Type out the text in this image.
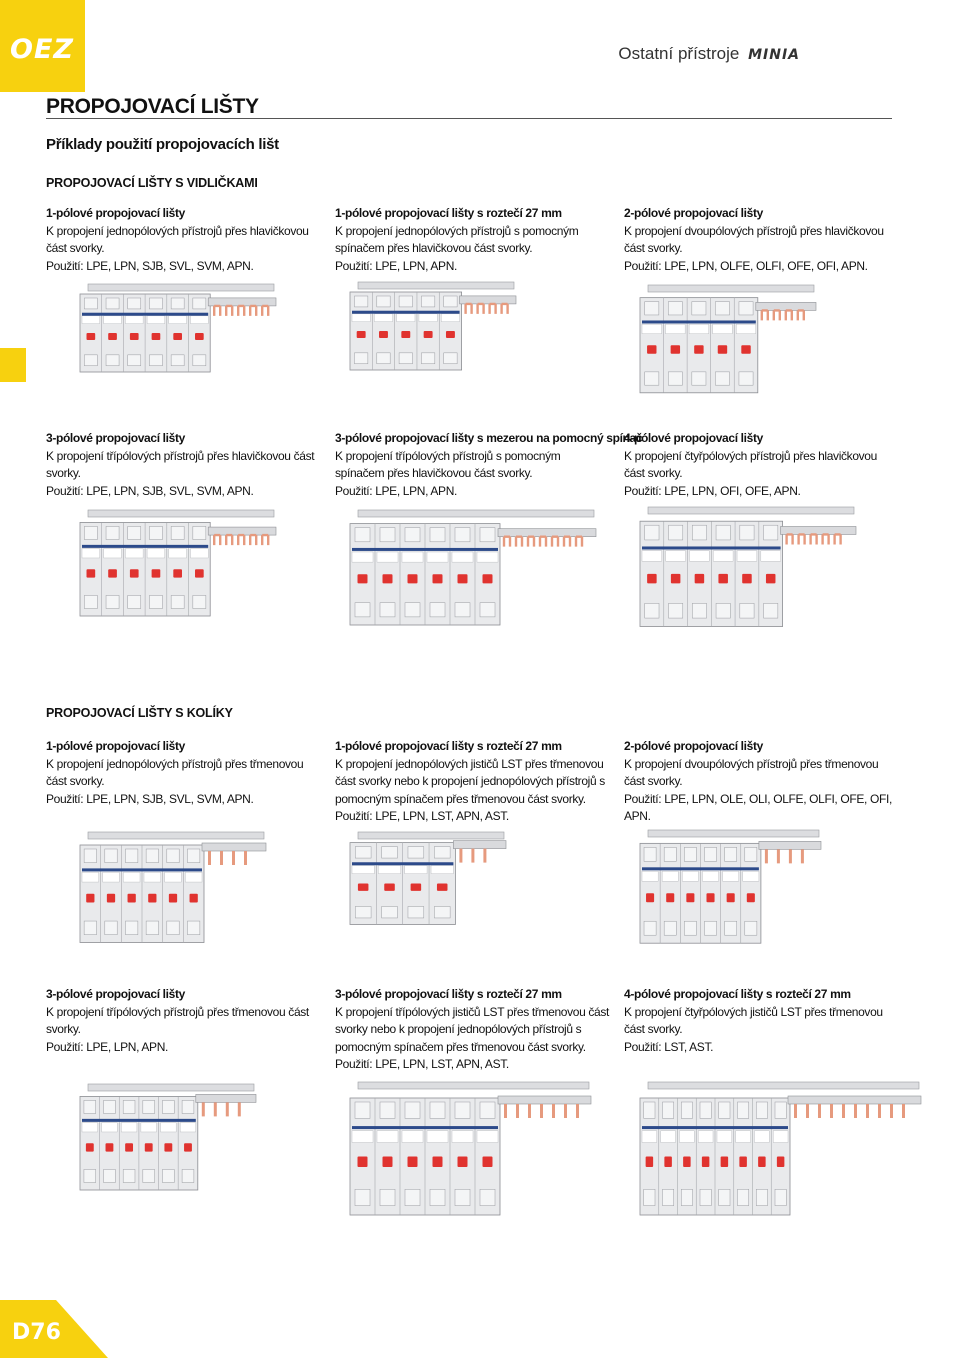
OEZ	Ostatní přístroje MINIA
PROPOJOVACÍ LIŠTY
Příklady použití propojovacích lišt
PROPOJOVACÍ LIŠTY S VIDLIČKAMI
1-pólové propojovací lišty
K propojení jednopólových přístrojů přes hlavičkovou část svorky.
Použití: LPE, LPN, SJB, SVL, SVM, APN.
1-pólové propojovací lišty s roztečí 27 mm
K propojení jednopólových přístrojů s pomocným spínačem přes hlavičkovou část svorky.
Použití: LPE, LPN, APN.
2-pólové propojovací lišty
K propojení dvoupólových přístrojů přes hlavičkovou část svorky.
Použití: LPE, LPN, OLFE, OLFI, OFE, OFI, APN.
3-pólové propojovací lišty
K propojení třípólových přístrojů přes hlavičkovou část svorky.
Použití: LPE, LPN, SJB, SVL, SVM, APN.
3-pólové propojovací lišty s mezerou na pomocný spínač
K propojení třípólových přístrojů s pomocným spínačem přes hlavičkovou část svorky.
Použití: LPE, LPN, APN.
4-pólové propojovací lišty
K propojení čtyřpólových přístrojů přes hlavičkovou část svorky.
Použití: LPE, LPN, OFI, OFE, APN.
PROPOJOVACÍ LIŠTY S KOLÍKY
1-pólové propojovací lišty
K propojení jednopólových přístrojů přes třmenovou část svorky.
Použití: LPE, LPN, SJB, SVL, SVM, APN.
1-pólové propojovací lišty s roztečí 27 mm
K propojení jednopólových jističů LST přes třmenovou část svorky nebo k propojení jednopólových přístrojů s pomocným spínačem přes třmenovou část svorky.
Použití: LPE, LPN, LST, APN, AST.
2-pólové propojovací lišty
K propojení dvoupólových přístrojů přes třmenovou část svorky.
Použití: LPE, LPN, OLE, OLI, OLFE, OLFI, OFE, OFI, APN.
3-pólové propojovací lišty
K propojení třípólových přístrojů přes třmenovou část svorky.
Použití: LPE, LPN, APN.
3-pólové propojovací lišty s roztečí 27 mm
K propojení třípólových jističů LST přes třmenovou část svorky nebo k propojení jednopólových přístrojů s pomocným spínačem přes třmenovou část svorky.
Použití: LPE, LPN, LST, APN, AST.
4-pólové propojovací lišty s roztečí 27 mm
K propojení čtyřpólových jističů LST přes třmenovou část svorky.
Použití: LST, AST.
D76
